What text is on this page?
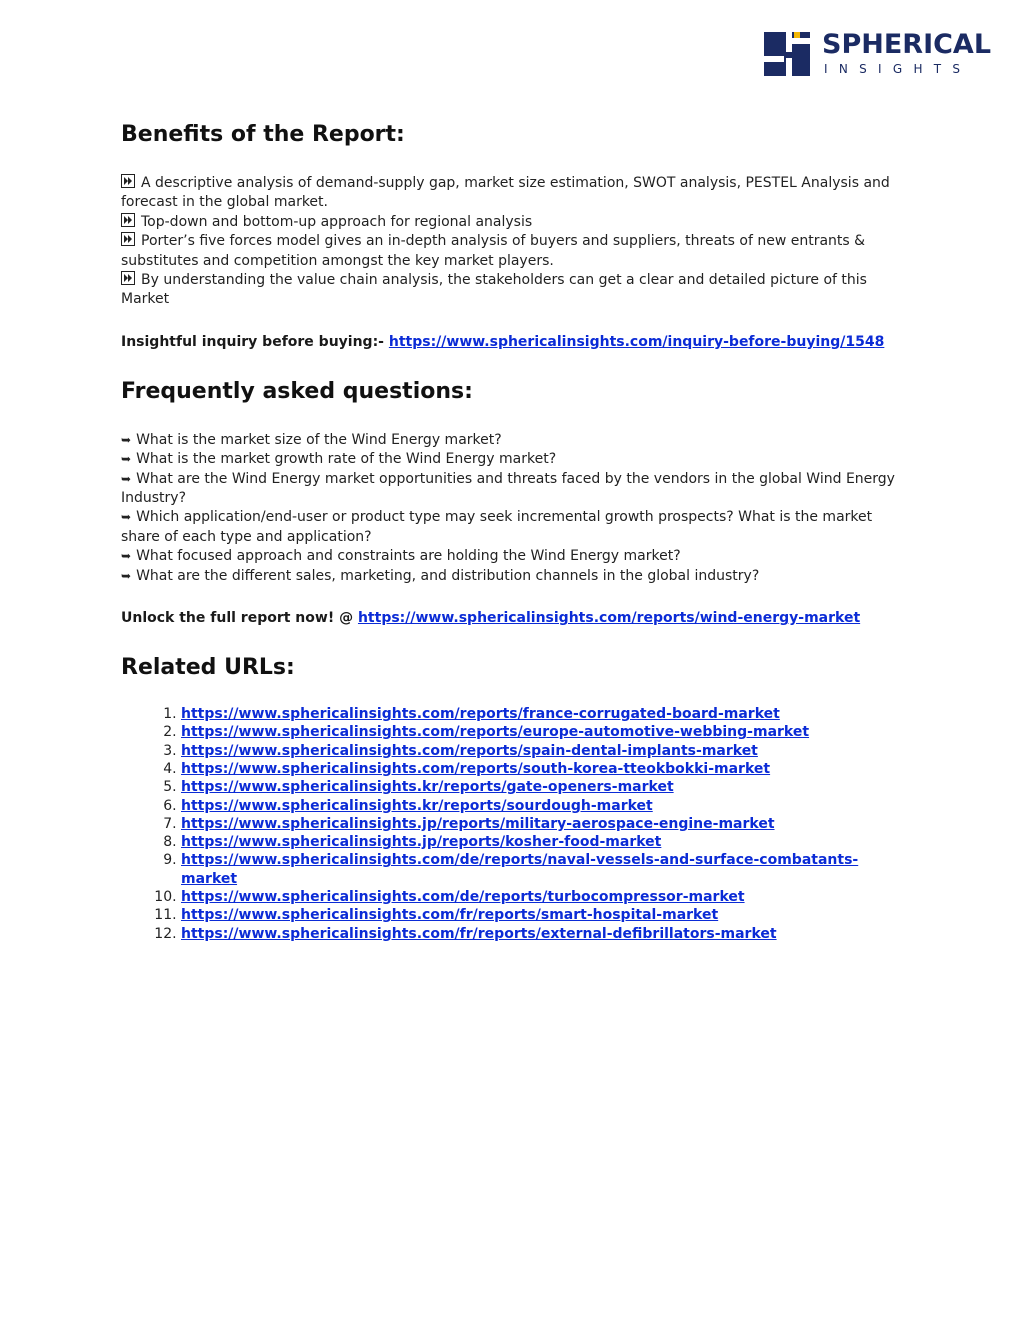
SPHERICAL
INSIGHTS
Benefits of the Report:
A descriptive analysis of demand-supply gap, market size estimation, SWOT analysis, PESTEL Analysis and forecast in the global market.
Top-down and bottom-up approach for regional analysis
Porter’s five forces model gives an in-depth analysis of buyers and suppliers, threats of new entrants & substitutes and competition amongst the key market players.
By understanding the value chain analysis, the stakeholders can get a clear and detailed picture of this Market
Insightful inquiry before buying:- https://www.sphericalinsights.com/inquiry-before-buying/1548
Frequently asked questions:
➥ What is the market size of the Wind Energy market?
➥ What is the market growth rate of the Wind Energy market?
➥ What are the Wind Energy market opportunities and threats faced by the vendors in the global Wind Energy Industry?
➥ Which application/end-user or product type may seek incremental growth prospects? What is the market share of each type and application?
➥ What focused approach and constraints are holding the Wind Energy market?
➥ What are the different sales, marketing, and distribution channels in the global industry?
Unlock the full report now! @ https://www.sphericalinsights.com/reports/wind-energy-market
Related URLs:
1. https://www.sphericalinsights.com/reports/france-corrugated-board-market
2. https://www.sphericalinsights.com/reports/europe-automotive-webbing-market
3. https://www.sphericalinsights.com/reports/spain-dental-implants-market
4. https://www.sphericalinsights.com/reports/south-korea-tteokbokki-market
5. https://www.sphericalinsights.kr/reports/gate-openers-market
6. https://www.sphericalinsights.kr/reports/sourdough-market
7. https://www.sphericalinsights.jp/reports/military-aerospace-engine-market
8. https://www.sphericalinsights.jp/reports/kosher-food-market
9. https://www.sphericalinsights.com/de/reports/naval-vessels-and-surface-combatants-market
10. https://www.sphericalinsights.com/de/reports/turbocompressor-market
11. https://www.sphericalinsights.com/fr/reports/smart-hospital-market
12. https://www.sphericalinsights.com/fr/reports/external-defibrillators-market
